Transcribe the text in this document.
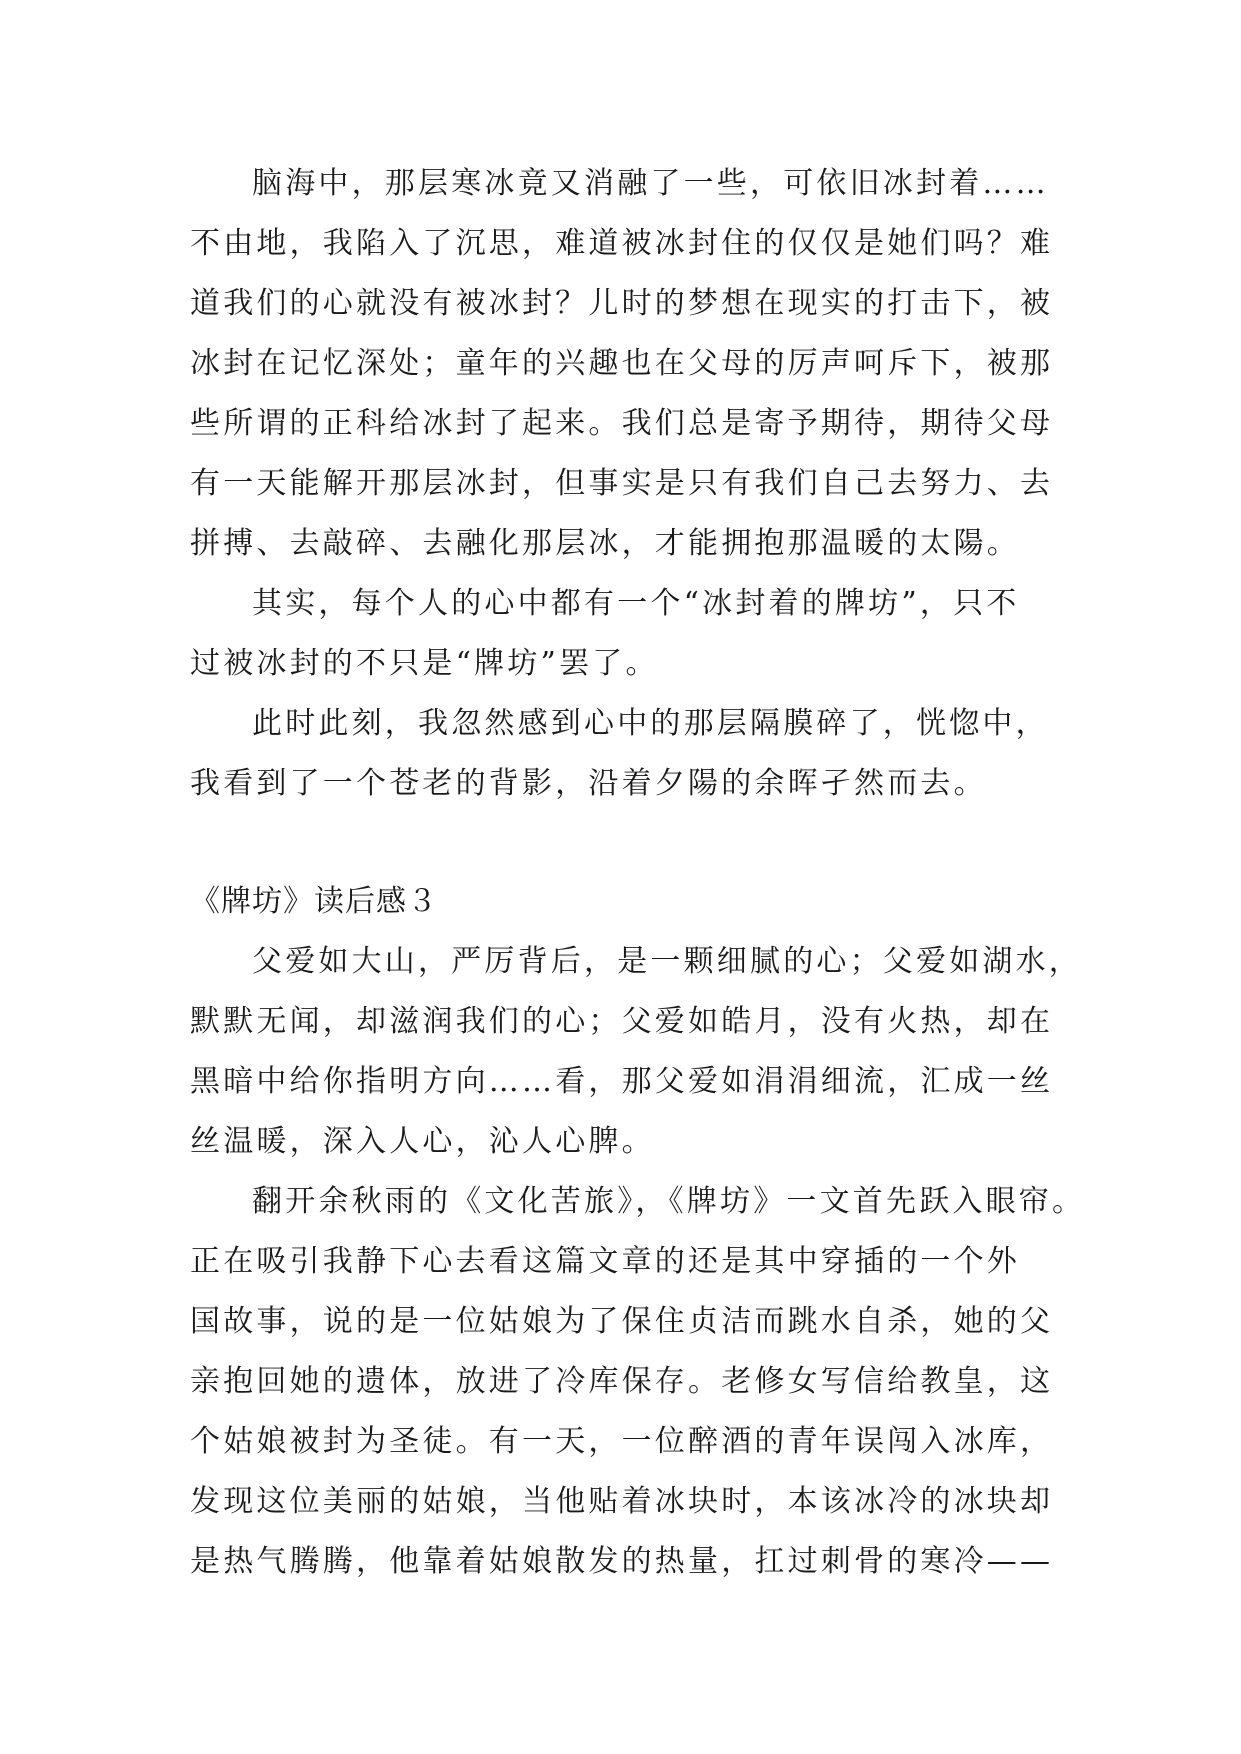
脑海中，那层寒冰竟又消融了一些，可依旧冰封着……
不由地，我陷入了沉思，难道被冰封住的仅仅是她们吗？难
道我们的心就没有被冰封？儿时的梦想在现实的打击下，被
冰封在记忆深处；童年的兴趣也在父母的厉声呵斥下，被那
些所谓的正科给冰封了起来。我们总是寄予期待，期待父母
有一天能解开那层冰封，但事实是只有我们自己去努力、去
拼搏、去敲碎、去融化那层冰，才能拥抱那温暖的太陽。
其实，每个人的心中都有一个“冰封着的牌坊”，只不
过被冰封的不只是“牌坊”罢了。
此时此刻，我忽然感到心中的那层隔膜碎了，恍惚中，
我看到了一个苍老的背影，沿着夕陽的余晖孑然而去。
《牌坊》读后感３
父爱如大山，严厉背后，是一颗细腻的心；父爱如湖水，
默默无闻，却滋润我们的心；父爱如皓月，没有火热，却在
黑暗中给你指明方向……看，那父爱如涓涓细流，汇成一丝
丝温暖，深入人心，沁人心脾。
翻开余秋雨的《文化苦旅》，《牌坊》一文首先跃入眼帘。
正在吸引我静下心去看这篇文章的还是其中穿插的一个外
国故事，说的是一位姑娘为了保住贞洁而跳水自杀，她的父
亲抱回她的遗体，放进了冷库保存。老修女写信给教皇，这
个姑娘被封为圣徒。有一天，一位醉酒的青年误闯入冰库，
发现这位美丽的姑娘，当他贴着冰块时，本该冰冷的冰块却
是热气腾腾，他靠着姑娘散发的热量，扛过刺骨的寒冷——
